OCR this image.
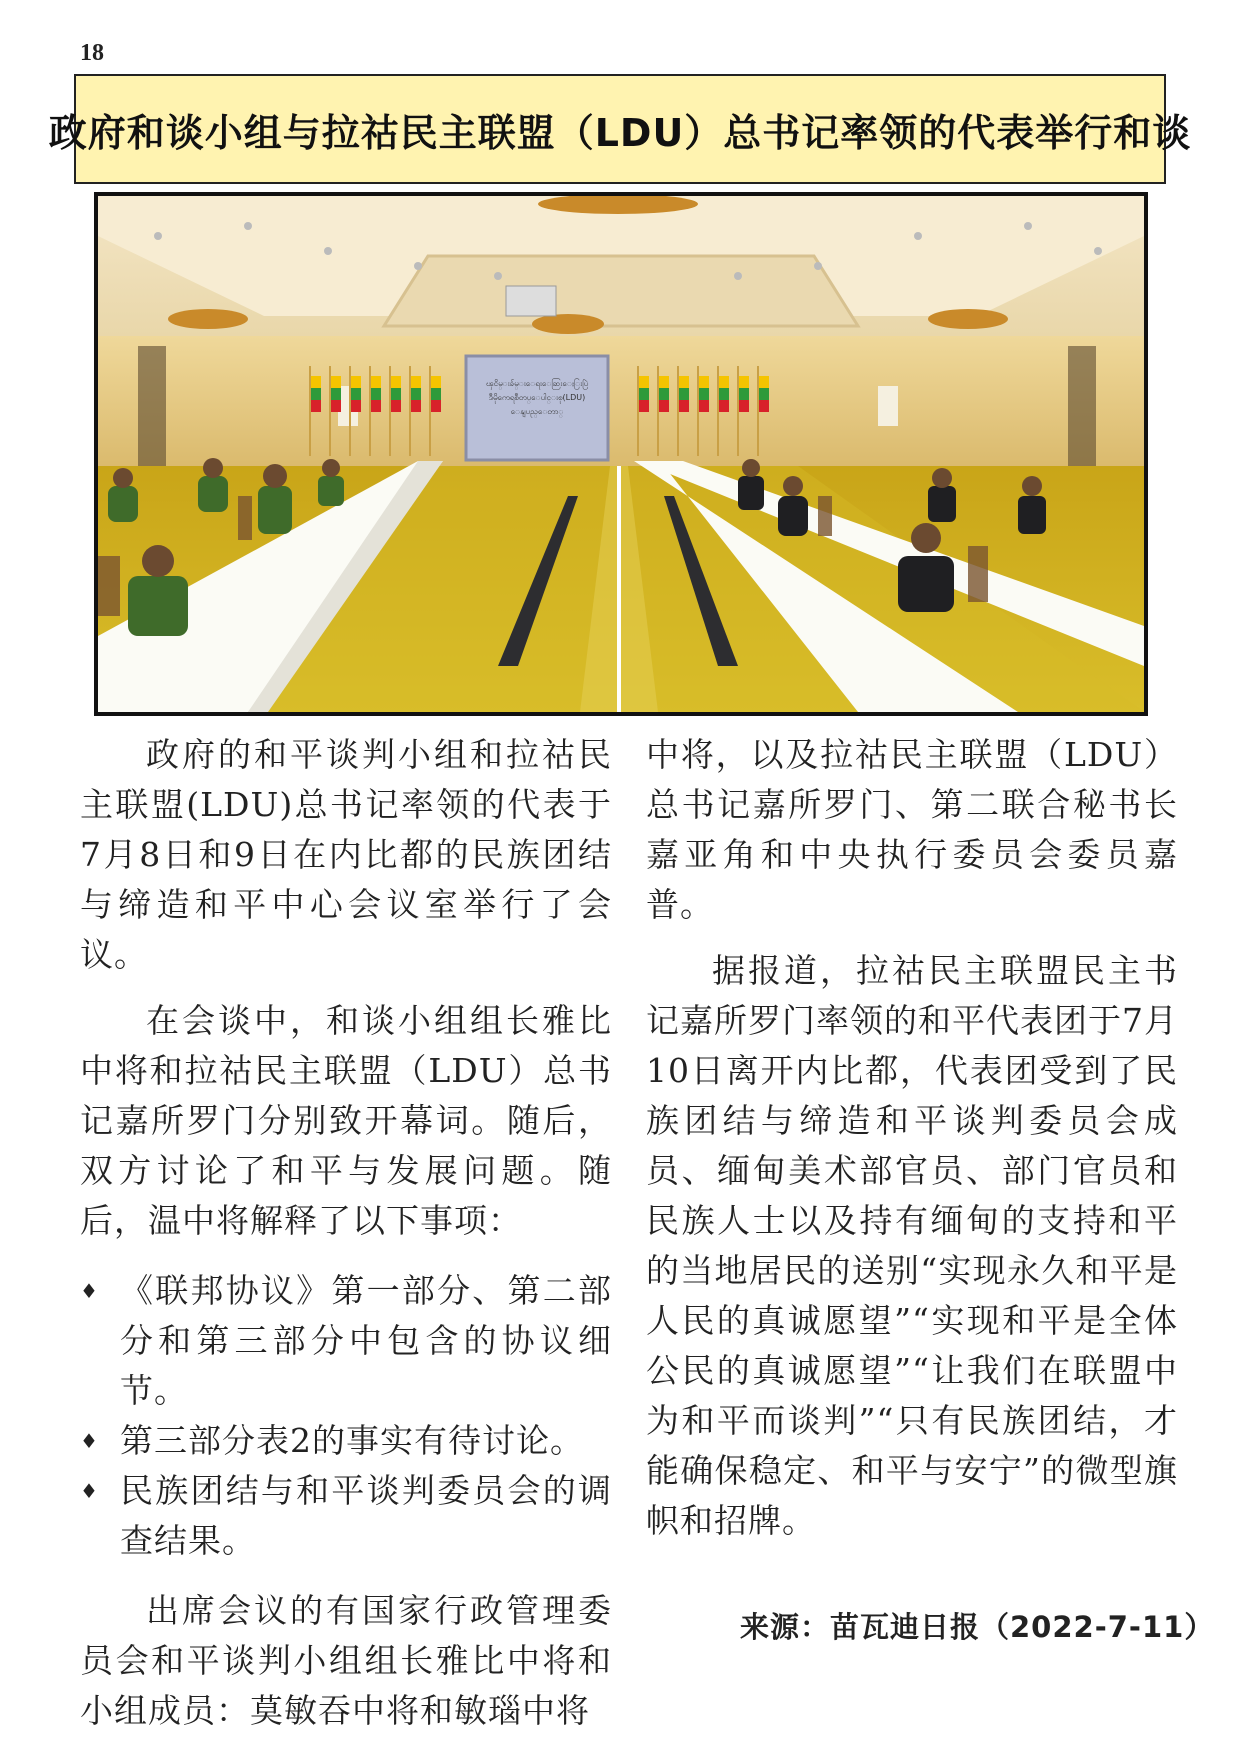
18
政府和谈小组与拉祜民主联盟（LDU）总书记率领的代表举行和谈
ၾငိမ္းခ်မ္းေရးေဆြးေႏြးပြဲ
ဒီမိုကေရစီတပ္ေပါင္းစု(LDU)
ေနျပည္ေတာ္

政府的和平谈判小组和拉祜民主联盟(LDU)总书记率领的代表于7月8日和9日在内比都的民族团结与缔造和平中心会议室举行了会议。

在会谈中，和谈小组组长雅比中将和拉祜民主联盟（LDU）总书记嘉所罗门分别致开幕词。随后，双方讨论了和平与发展问题。随后，温中将解释了以下事项：

♦ 《联邦协议》第一部分、第二部分和第三部分中包含的协议细节。
♦ 第三部分表2的事实有待讨论。
♦ 民族团结与和平谈判委员会的调查结果。

出席会议的有国家行政管理委员会和平谈判小组组长雅比中将和小组成员：莫敏吞中将和敏瑙中将

中将，以及拉祜民主联盟（LDU）总书记嘉所罗门、第二联合秘书长嘉亚角和中央执行委员会委员嘉普。

据报道，拉祜民主联盟民主书记嘉所罗门率领的和平代表团于7月10日离开内比都，代表团受到了民族团结与缔造和平谈判委员会成员、缅甸美术部官员、部门官员和民族人士以及持有缅甸的支持和平的当地居民的送别“实现永久和平是人民的真诚愿望”“实现和平是全体公民的真诚愿望”“让我们在联盟中为和平而谈判”“只有民族团结，才能确保稳定、和平与安宁”的微型旗帜和招牌。

来源：苗瓦迪日报（2022-7-11）
